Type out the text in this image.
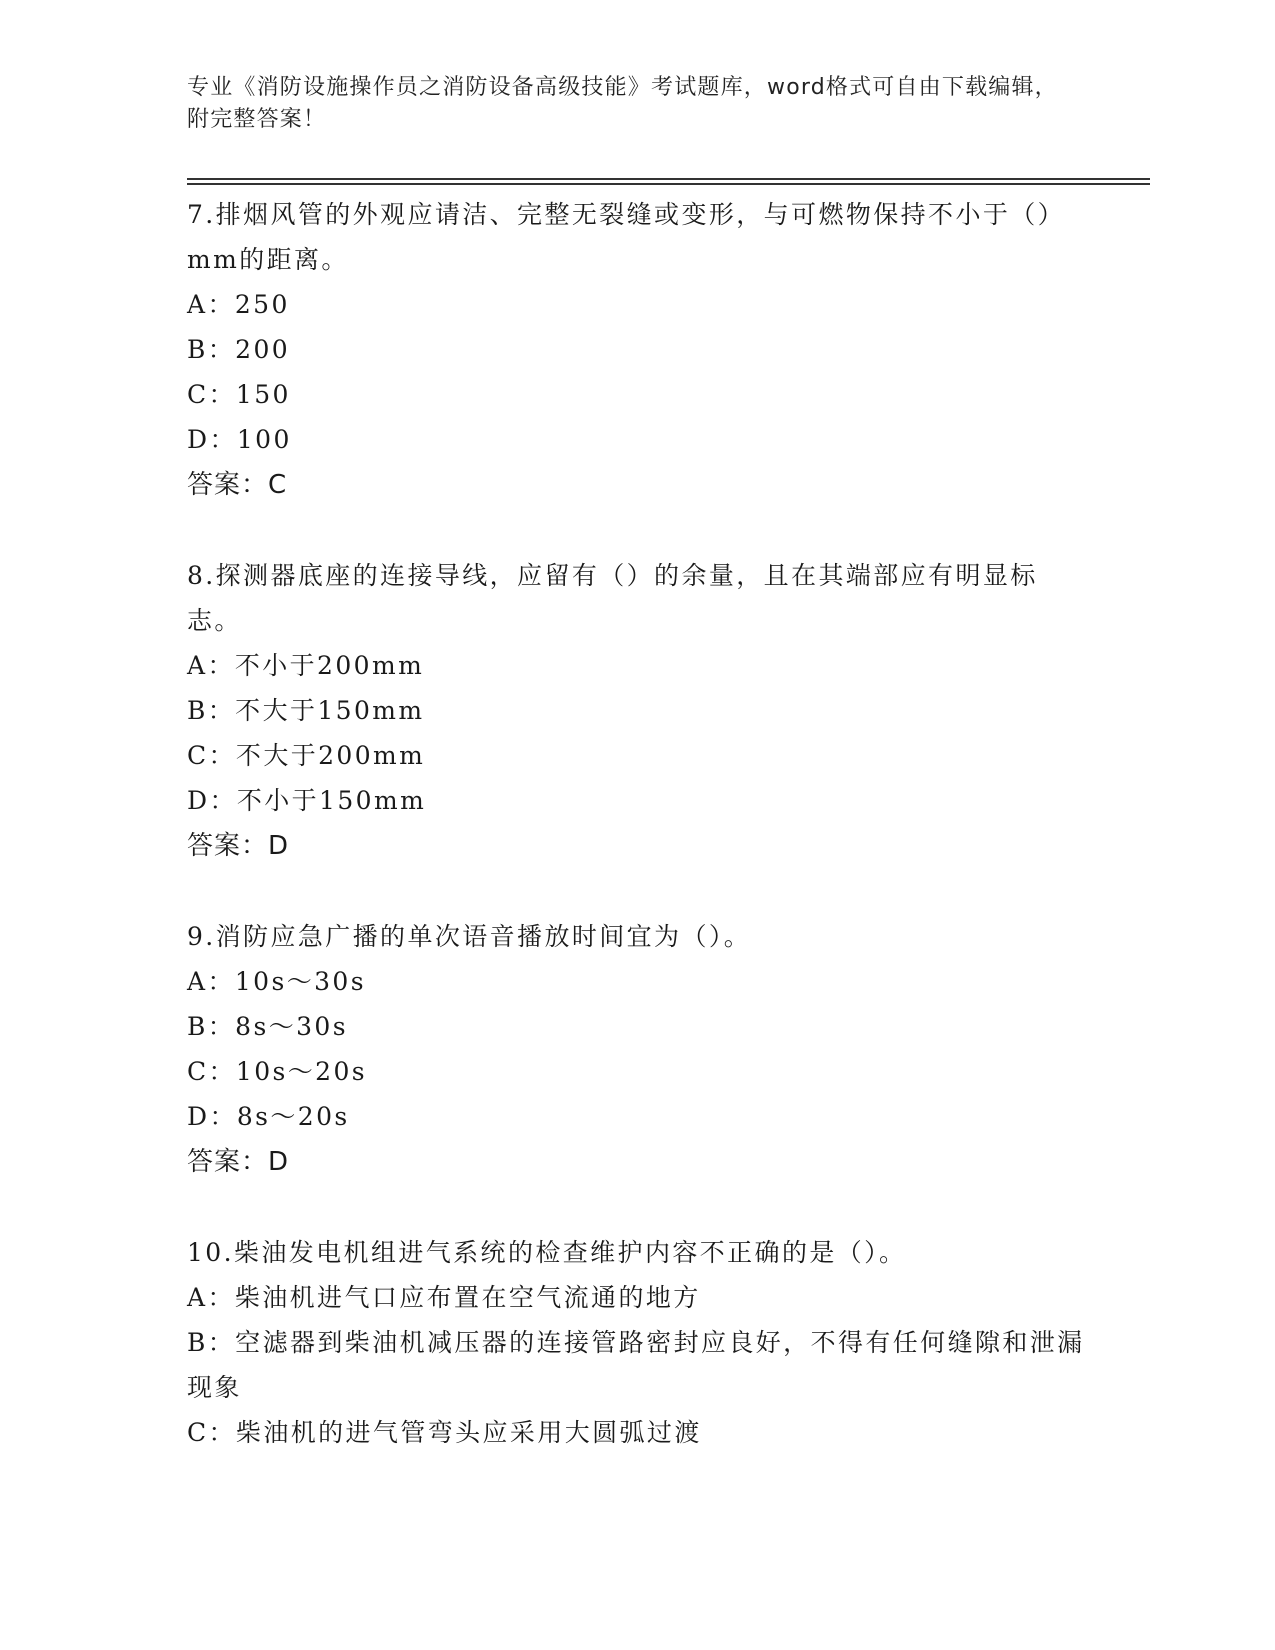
专业《消防设施操作员之消防设备高级技能》考试题库，word格式可自由下载编辑，附完整答案！

7.排烟风管的外观应请洁、完整无裂缝或变形，与可燃物保持不小于（）mm的距离。

A：250

B：200

C：150

D：100

答案：C

8.探测器底座的连接导线，应留有（）的余量，且在其端部应有明显标志。

A：不小于200mm

B：不大于150mm

C：不大于200mm

D：不小于150mm

答案：D

9.消防应急广播的单次语音播放时间宜为（）。

A：10s～30s

B：8s～30s

C：10s～20s

D：8s～20s

答案：D

10.柴油发电机组进气系统的检查维护内容不正确的是（）。

A：柴油机进气口应布置在空气流通的地方

B：空滤器到柴油机减压器的连接管路密封应良好，不得有任何缝隙和泄漏现象

C：柴油机的进气管弯头应采用大圆弧过渡
